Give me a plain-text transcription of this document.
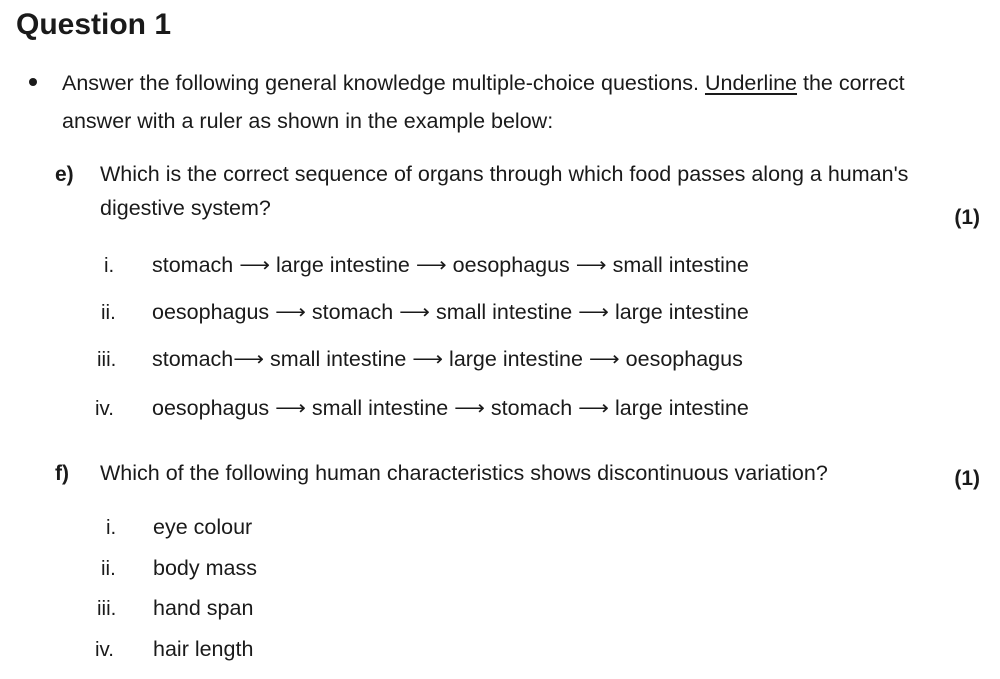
Question 1
Answer the following general knowledge multiple-choice questions. Underline the correct answer with a ruler as shown in the example below:
e) Which is the correct sequence of organs through which food passes along a human's digestive system?	(1)
i. stomach ⟶ large intestine ⟶ oesophagus ⟶ small intestine
ii. oesophagus ⟶ stomach ⟶ small intestine ⟶ large intestine
iii. stomach⟶ small intestine ⟶ large intestine ⟶ oesophagus
iv. oesophagus ⟶ small intestine ⟶ stomach ⟶ large intestine
f) Which of the following human characteristics shows discontinuous variation?	(1)
i. eye colour
ii. body mass
iii. hand span
iv. hair length
